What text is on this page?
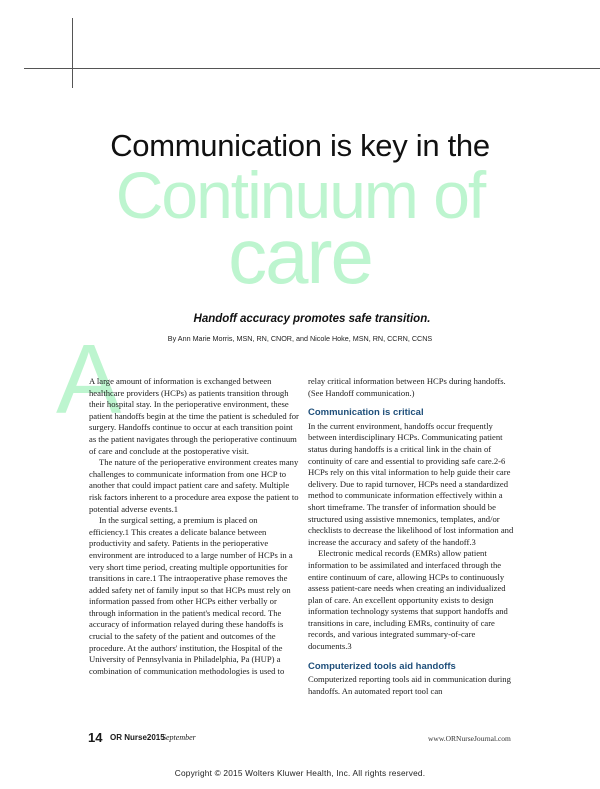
Communication is key in the
Continuum of
care
Handoff accuracy promotes safe transition.
By Ann Marie Morris, MSN, RN, CNOR, and Nicole Hoke, MSN, RN, CCRN, CCNS
A

A large amount of information is exchanged between healthcare providers (HCPs) as patients transition through their hospital stay. In the perioperative environment, these patient handoffs begin at the time the patient is scheduled for surgery. Handoffs continue to occur at each transition point as the patient navigates through the perioperative continuum of care and conclude at the postoperative visit.

The nature of the perioperative environment creates many challenges to communicate information from one HCP to another that could impact patient care and safety. Multiple risk factors inherent to a procedure area expose the patient to potential adverse events.1

In the surgical setting, a premium is placed on efficiency.1 This creates a delicate balance between productivity and safety. Patients in the perioperative environment are introduced to a large number of HCPs in a very short time period, creating multiple opportunities for transitions in care.1 The intraoperative phase removes the added safety net of family input so that HCPs must rely on information passed from other HCPs either verbally or through information in the patient's medical record. The accuracy of information relayed during these handoffs is crucial to the safety of the patient and outcomes of the procedure. At the authors' institution, the Hospital of the University of Pennsylvania in Philadelphia, Pa (HUP) a combination of communication methodologies is used to

relay critical information between HCPs during handoffs. (See Handoff communication.)

Communication is critical

In the current environment, handoffs occur frequently between interdisciplinary HCPs. Communicating patient status during handoffs is a critical link in the chain of continuity of care and essential to providing safe care.2-6 HCPs rely on this vital information to help guide their care delivery. Due to rapid turnover, HCPs need a standardized method to communicate information effectively within a short timeframe. The transfer of information should be structured using assistive mnemonics, templates, and/or checklists to decrease the likelihood of lost information and increase the accuracy and safety of the handoff.3

Electronic medical records (EMRs) allow patient information to be assimilated and interfaced through the entire continuum of care, allowing HCPs to continuously assess patient-care needs when creating an individualized plan of care. An excellent opportunity exists to design information technology systems that support handoffs and transitions in care, including EMRs, continuity of care records, and various integrated summary-of-care documents.3

Computerized tools aid handoffs

Computerized reporting tools aid in communication during handoffs. An automated report tool can

14 OR Nurse2015
September	www.ORNurseJournal.com
Copyright © 2015 Wolters Kluwer Health, Inc. All rights reserved.
